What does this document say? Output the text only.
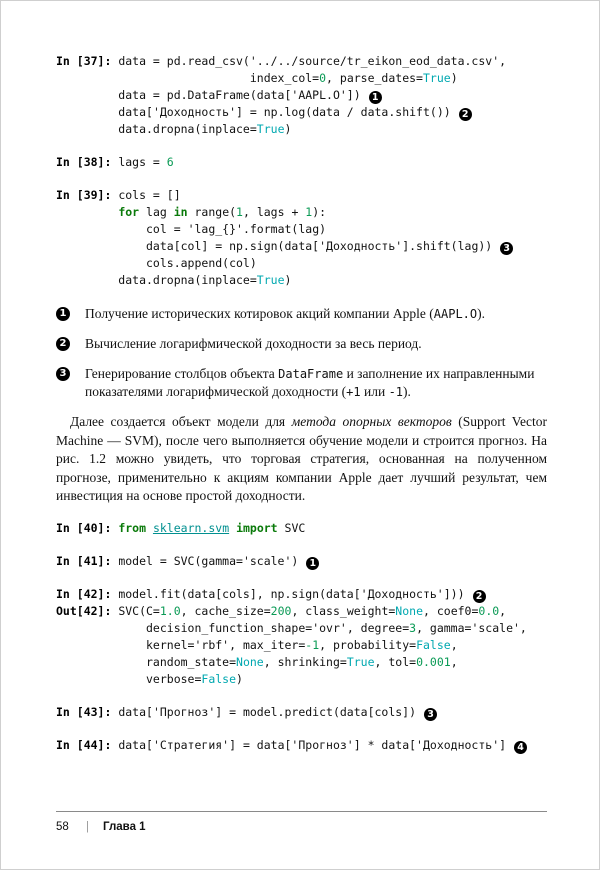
In [37]: data = pd.read_csv('../../source/tr_eikon_eod_data.csv',
index_col=0, parse_dates=True)
data = pd.DataFrame(data['AAPL.O']) 1
data['Доходность'] = np.log(data / data.shift()) 2
data.dropna(inplace=True)
In [38]: lags = 6
In [39]: cols = []
for lag in range(1, lags + 1):
col = 'lag_{}'.format(lag)
data[col] = np.sign(data['Доходность'].shift(lag)) 3
cols.append(col)
data.dropna(inplace=True)
1 Получение исторических котировок акций компании Apple (AAPL.O).
2 Вычисление логарифмической доходности за весь период.
3 Генерирование столбцов объекта DataFrame и заполнение их направленными показателями логарифмической доходности (+1 или -1).

Далее создается объект модели для метода опорных векторов (Support Vector Machine — SVM), после чего выполняется обучение модели и строится прогноз. На рис. 1.2 можно увидеть, что торговая стратегия, основанная на полученном прогнозе, применительно к акциям компании Apple дает лучший результат, чем инвестиция на основе простой доходности.

In [40]: from sklearn.svm import SVC
In [41]: model = SVC(gamma='scale') 1
In [42]: model.fit(data[cols], np.sign(data['Доходность'])) 2
Out[42]: SVC(C=1.0, cache_size=200, class_weight=None, coef0=0.0,
decision_function_shape='ovr', degree=3, gamma='scale',
kernel='rbf', max_iter=-1, probability=False,
random_state=None, shrinking=True, tol=0.001,
verbose=False)
In [43]: data['Прогноз'] = model.predict(data[cols]) 3
In [44]: data['Стратегия'] = data['Прогноз'] * data['Доходность'] 4
58	| Глава 1
